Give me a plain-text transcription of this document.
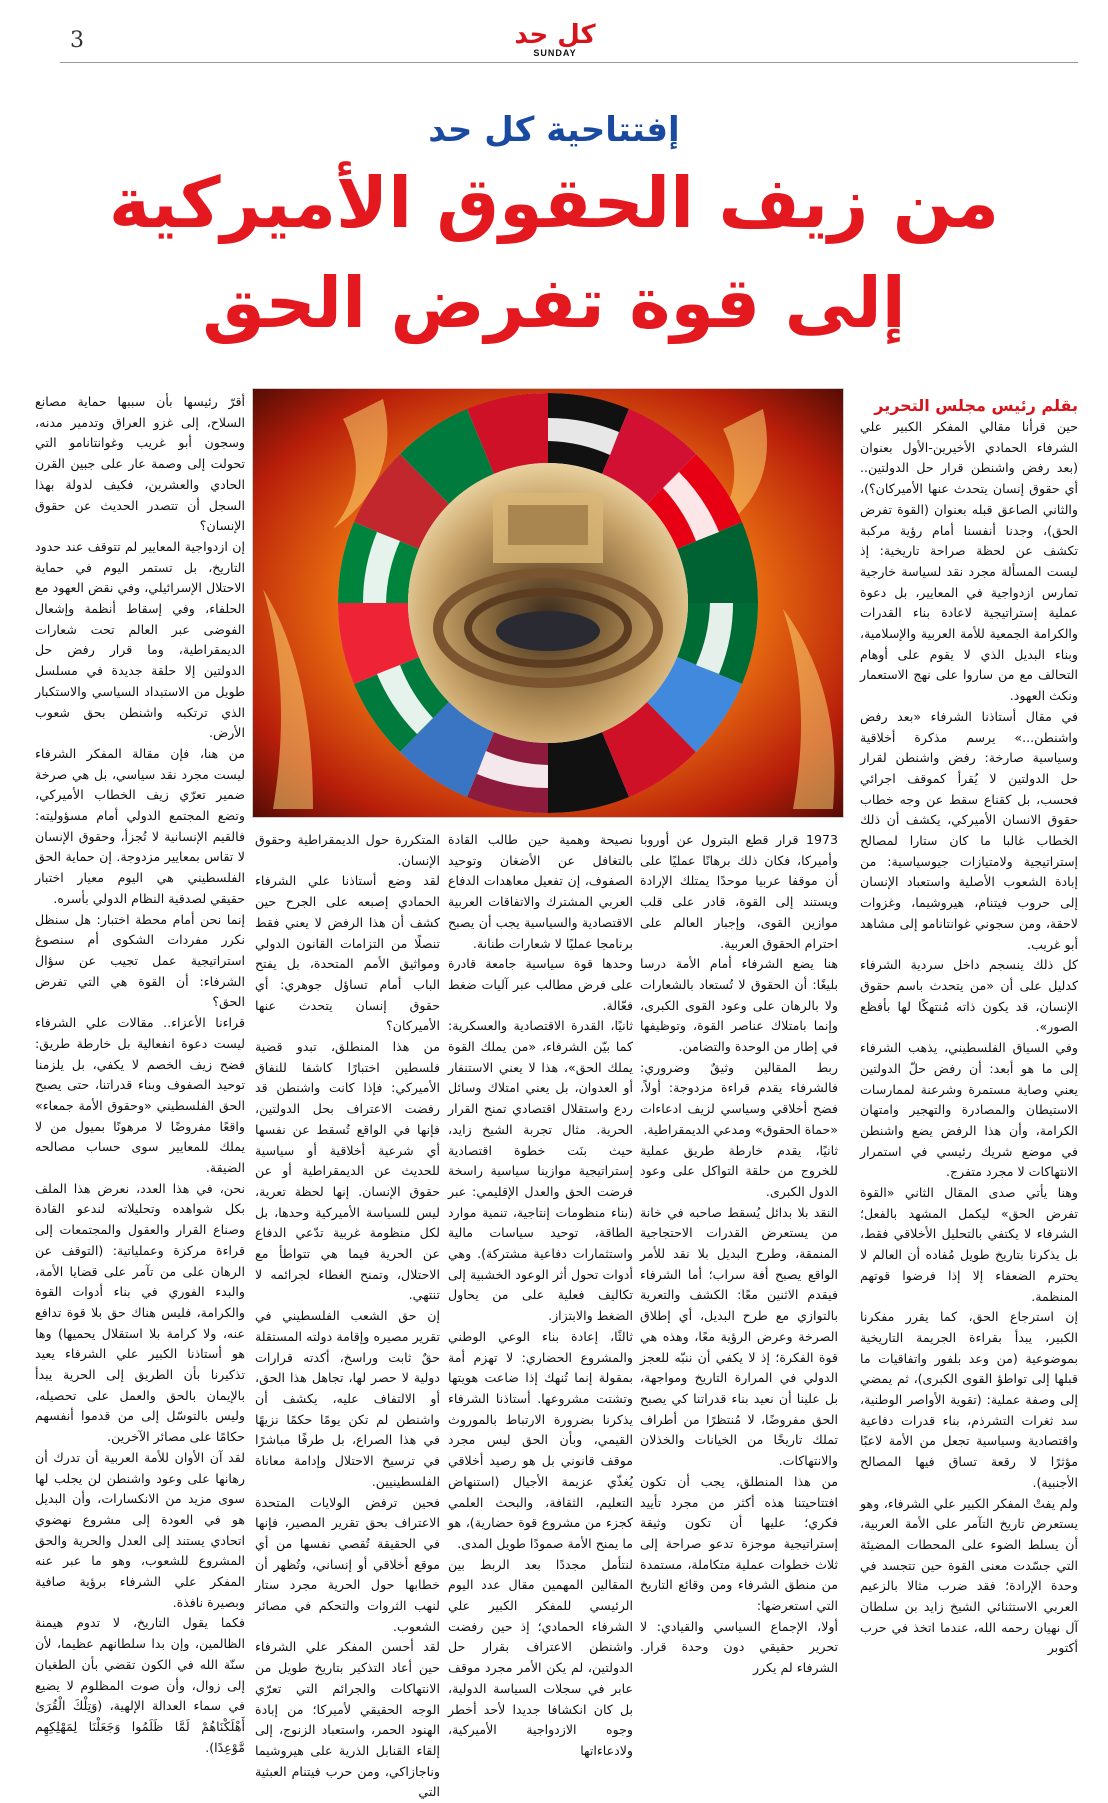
3	كل حد
SUNDAY
إفتتاحية كل حد
من زيف الحقوق الأميركية
إلى قوة تفرض الحق

بقلم رئيس مجلس التحرير

حين قرأنا مقالي المفكر الكبير علي الشرفاء الحمادي الأخيرين-الأول بعنوان (بعد رفض واشنطن قرار حل الدولتين.. أي حقوق إنسان يتحدث عنها الأميركان؟)، والثاني الصاعق قبله بعنوان (القوة تفرض الحق)، وجدنا أنفسنا أمام رؤية مركبة تكشف عن لحظة صراحة تاريخية: إذ ليست المسألة مجرد نقد لسياسة خارجية تمارس ازدواجية في المعايير، بل دعوة عملية إستراتيجية لاعادة بناء القدرات والكرامة الجمعية للأمة العربية والإسلامية، وبناء البديل الذي لا يقوم على أوهام التحالف مع من ساروا على نهج الاستعمار ونكث العهود.

في مقال أستاذنا الشرفاء «بعد رفض واشنطن...» يرسم مذكرة أخلاقية وسياسية صارخة: رفض واشنطن لقرار حل الدولتين لا يُقرأ كموقف اجرائي فحسب، بل كقناع سقط عن وجه خطاب حقوق الانسان الأميركي، يكشف أن ذلك الخطاب غالبا ما كان ستارا لمصالح إستراتيجية ولامتيازات جيوسياسية: من إبادة الشعوب الأصلية واستعباد الإنسان إلى حروب فيتنام، هيروشيما، وغزوات لاحقة، ومن سجوني غوانتانامو إلى مشاهد أبو غريب.

كل ذلك ينسجم داخل سردية الشرفاء كدليل على أن «من يتحدث باسم حقوق الإنسان، قد يكون ذاته مُنتهكًا لها بأفظع الصور».

وفي السياق الفلسطيني، يذهب الشرفاء إلى ما هو أبعد: أن رفض حلّ الدولتين يعني وصاية مستمرة وشرعنة لممارسات الاستيطان والمصادرة والتهجير وامتهان الكرامة، وأن هذا الرفض يضع واشنطن في موضع شريك رئيسي في استمرار الانتهاكات لا مجرد متفرج.

وهنا يأتي صدى المقال الثاني «القوة تفرض الحق» ليكمل المشهد بالفعل؛ الشرفاء لا يكتفي بالتحليل الأخلاقي فقط، بل يذكرنا بتاريخ طويل مُفاده أن العالم لا يحترم الضعفاء إلا إذا فرضوا قوتهم المنظمة.

إن استرجاع الحق، كما يقرر مفكرنا الكبير، يبدأ بقراءة الجريمة التاريخية بموضوعية (من وعد بلفور واتفاقيات ما قبلها إلى تواطؤ القوى الكبرى)، ثم يمضي إلى وصفة عملية: (تقوية الأواصر الوطنية، سد ثغرات التشرذم، بناء قدرات دفاعية واقتصادية وسياسية تجعل من الأمة لاعبًا مؤثرًا لا رقعة تساق فيها المصالح الأجنبية).

ولم يفتْ المفكر الكبير علي الشرفاء، وهو يستعرض تاريخ التآمر على الأمة العربية، أن يسلط الضوء على المحطات المضيئة التي جسّدت معنى القوة حين تتجسد في وحدة الإرادة؛ فقد ضرب مثالا بالزعيم العربي الاستثنائي الشيخ زايد بن سلطان آل نهيان رحمه الله، عندما اتخذ في حرب أكتوبر

1973 قرار قطع البترول عن أوروبا وأميركا، فكان ذلك برهانًا عمليًا على أن موقفا عربيا موحدًا يمتلك الإرادة ويستند إلى القوة، قادر على قلب موازين القوى، وإجبار العالم على احترام الحقوق العربية.

هنا يضع الشرفاء أمام الأمة درسا بليغًا: أن الحقوق لا تُستعاد بالشعارات ولا بالرهان على وعود القوى الكبرى، وإنما بامتلاك عناصر القوة، وتوظيفها في إطار من الوحدة والتضامن.

ربط المقالين وثيقٌ وضروري: فالشرفاء يقدم قراءة مزدوجة: أولاً، فضح أخلاقي وسياسي لزيف ادعاءات «حماة الحقوق» ومدعي الديمقراطية.

ثانيًا، يقدم خارطة طريق عملية للخروج من حلقة التواكل على وعود الدول الكبرى.

النقد بلا بدائل يُسقط صاحبه في خانة من يستعرض القدرات الاحتجاجية المنمقة، وطرح البديل بلا نقد للأمر الواقع يصبح أفة سراب؛ أما الشرفاء فيقدم الاثنين معًا: الكشف والتعرية بالتوازي مع طرح البديل، أي إطلاق الصرخة وعرض الرؤية معًا، وهذه هي قوة الفكرة؛ إذ لا يكفي أن ننبّه للعجز الدولي في المرارة التاريخ ومواجهة، بل علينا أن نعيد بناء قدراتنا كي يصبح الحق مفروضًا، لا مُنتظرًا من أطراف تملك تاريخًا من الخيانات والخذلان والانتهاكات.

من هذا المنطلق، يجب أن تكون افتتاحيتنا هذه أكثر من مجرد تأييد فكري؛ عليها أن تكون وثيقة إستراتيجية موجزة تدعو صراحة إلى ثلاث خطوات عملية متكاملة، مستمدة من منطق الشرفاء ومن وقائع التاريخ التي استعرضها:

أولا، الإجماع السياسي والقيادي: لا تحرير حقيقي دون وحدة قرار. الشرفاء لم يكرر

نصيحة وهمية حين طالب القادة بالتغافل عن الأضغان وتوحيد الصفوف، إن تفعيل معاهدات الدفاع العربي المشترك والاتفاقات العربية الاقتصادية والسياسية يجب أن يصبح برنامجا عمليًا لا شعارات طنانة.

وحدها قوة سياسية جامعة قادرة على فرض مطالب عبر آليات ضغط فعّالة.

ثانيًا، القدرة الاقتصادية والعسكرية: كما بيّن الشرفاء، «من يملك القوة يملك الحق»، هذا لا يعني الاستنفار أو العدوان، بل يعني امتلاك وسائل ردع واستقلال اقتصادي تمنح القرار الحرية. مثال تجربة الشيخ زايد، حيث بنَت خطوة اقتصادية إستراتيجية موازينا سياسية راسخة فرضت الحق والعدل الإقليمي: عبر (بناء منظومات إنتاجية، تنمية موارد الطاقة، توحيد سياسات مالية واستثمارات دفاعية مشتركة). وهي أدوات تحول أثر الوعود الخشبية إلى تكاليف فعلية على من يحاول الضغط والابتزاز.

ثالثًا، إعادة بناء الوعي الوطني والمشروع الحضاري: لا تهزم أمة بمقولة إنما تُنهك إذا ضاعت هويتها وتشتت مشروعها. أستاذنا الشرفاء يذكرنا بضرورة الارتباط بالموروث القيمي، وبأن الحق ليس مجرد موقف قانوني بل هو رصيد أخلاقي يُغذّي عزيمة الأجيال (استنهاض التعليم، الثقافة، والبحث العلمي كجزء من مشروع قوة حضارية)، هو ما يمنح الأمة صمودًا طويل المدى.

لنتأمل مجددًا بعد الربط بين المقالين المهمين مقال عدد اليوم الرئيسي للمفكر الكبير علي الشرفاء الحمادي؛ إذ حين رفضت واشنطن الاعتراف بقرار حل الدولتين، لم يكن الأمر مجرد موقف عابر في سجلات السياسة الدولية، بل كان انكشافا جديدا لأحد أخطر وجوه الازدواجية الأميركية، ولادعاءاتها

المتكررة حول الديمقراطية وحقوق الإنسان.

لقد وضع أستاذنا علي الشرفاء الحمادي إصبعه على الجرح حين كشف أن هذا الرفض لا يعني فقط تنصلًا من التزامات القانون الدولي ومواثيق الأمم المتحدة، بل يفتح الباب أمام تساؤل جوهري: أي حقوق إنسان يتحدث عنها الأميركان؟

من هذا المنطلق، تبدو قضية فلسطين اختبارًا كاشفا للنفاق الأميركي: فإذا كانت واشنطن قد رفضت الاعتراف بحل الدولتين، فإنها في الواقع تُسقط عن نفسها أي شرعية أخلاقية أو سياسية للحديث عن الديمقراطية أو عن حقوق الإنسان. إنها لحظة تعرية، ليس للسياسة الأميركية وحدها، بل لكل منظومة غربية تدّعي الدفاع عن الحرية فيما هي تتواطأ مع الاحتلال، وتمنح الغطاء لجرائمه لا تنتهي.

إن حق الشعب الفلسطيني في تقرير مصيره وإقامة دولته المستقلة حقٌ ثابت وراسخ، أكدته قرارات دولية لا حصر لها، تجاهل هذا الحق، أو الالتفاف عليه، يكشف أن واشنطن لم تكن يومًا حكمًا نزيهًا في هذا الصراع، بل طرفًا مباشرًا في ترسيخ الاحتلال وإدامة معاناة الفلسطينيين.

فحين ترفض الولايات المتحدة الاعتراف بحق تقرير المصير، فإنها في الحقيقة تُقصي نفسها من أي موقع أخلاقي أو إنساني، وتُظهر أن خطابها حول الحرية مجرد ستار لنهب الثروات والتحكم في مصائر الشعوب.

لقد أحسن المفكر علي الشرفاء حين أعاد التذكير بتاريخ طويل من الانتهاكات والجرائم التي تعرّي الوجه الحقيقي لأميركا؛ من إبادة الهنود الحمر، واستعباد الزنوج، إلى إلقاء القنابل الذرية على هيروشيما وناجازاكي، ومن حرب فيتنام العبثية التي

أقرّ رئيسها بأن سببها حماية مصانع السلاح، إلى غزو العراق وتدمير مدنه، وسجون أبو غريب وغوانتانامو التي تحولت إلى وصمة عار على جبين القرن الحادي والعشرين، فكيف لدولة بهذا السجل أن تتصدر الحديث عن حقوق الإنسان؟

إن ازدواجية المعايير لم تتوقف عند حدود التاريخ، بل تستمر اليوم في حماية الاحتلال الإسرائيلي، وفي نقض العهود مع الحلفاء، وفي إسقاط أنظمة وإشعال الفوضى عبر العالم تحت شعارات الديمقراطية، وما قرار رفض حل الدولتين إلا حلقة جديدة في مسلسل طويل من الاستبداد السياسي والاستكبار الذي ترتكبه واشنطن بحق شعوب الأرض.

من هنا، فإن مقالة المفكر الشرفاء ليست مجرد نقد سياسي، بل هي صرخة ضمير تعرّي زيف الخطاب الأميركي، وتضع المجتمع الدولي أمام مسؤوليته: فالقيم الإنسانية لا تُجزأ، وحقوق الإنسان لا تقاس بمعايير مزدوجة. إن حماية الحق الفلسطيني هي اليوم معيار اختبار حقيقي لصدقية النظام الدولي بأسره.

إنما نحن أمام محطة اختبار: هل سنظل نكرر مفردات الشكوى أم سنصوغ استراتيجية عمل تجيب عن سؤال الشرفاء: أن القوة هي التي تفرض الحق؟

قراءنا الأعزاء.. مقالات علي الشرفاء ليست دعوة انفعالية بل خارطة طريق: فضح زيف الخصم لا يكفي، بل يلزمنا توحيد الصفوف وبناء قدراتنا، حتى يصبح الحق الفلسطيني «وحقوق الأمة جمعاء» واقعًا مفروضًا لا مرهونًا بميول من لا يملك للمعايير سوى حساب مصالحه الضيقة.

نحن، في هذا العدد، نعرض هذا الملف بكل شواهده وتحليلاته لندعو القادة وصناع القرار والعقول والمجتمعات إلى قراءة مركزة وعملياتية: (التوقف عن الرهان على من تآمر على قضايا الأمة، والبدء الفوري في بناء أدوات القوة والكرامة، فليس هناك حق بلا قوة تدافع عنه، ولا كرامة بلا استقلال يحميها) وها هو أستاذنا الكبير علي الشرفاء يعيد تذكيرنا بأن الطريق إلى الحرية يبدأ بالإيمان بالحق والعمل على تحصيله، وليس بالتوسّل إلى من قدموا أنفسهم حكامًا على مصائر الآخرين.

لقد آن الأوان للأمة العربية أن تدرك أن رهانها على وعود واشنطن لن يجلب لها سوى مزيد من الانكسارات، وأن البديل هو في العودة إلى مشروع نهضوي اتحادي يستند إلى العدل والحرية والحق المشروع للشعوب، وهو ما عبر عنه المفكر علي الشرفاء برؤية صافية وبصيرة نافذة.

فكما يقول التاريخ، لا تدوم هيمنة الظالمين، وإن بدا سلطانهم عظيما، لأن سنّة الله في الكون تقضي بأن الطغيان إلى زوال، وأن صوت المظلوم لا يضيع في سماء العدالة الإلهية، (وَتِلْكَ الْقُرَىٰ أَهْلَكْنَاهُمْ لَمَّا ظَلَمُوا وَجَعَلْنَا لِمَهْلِكِهِم مَّوْعِدًا).
